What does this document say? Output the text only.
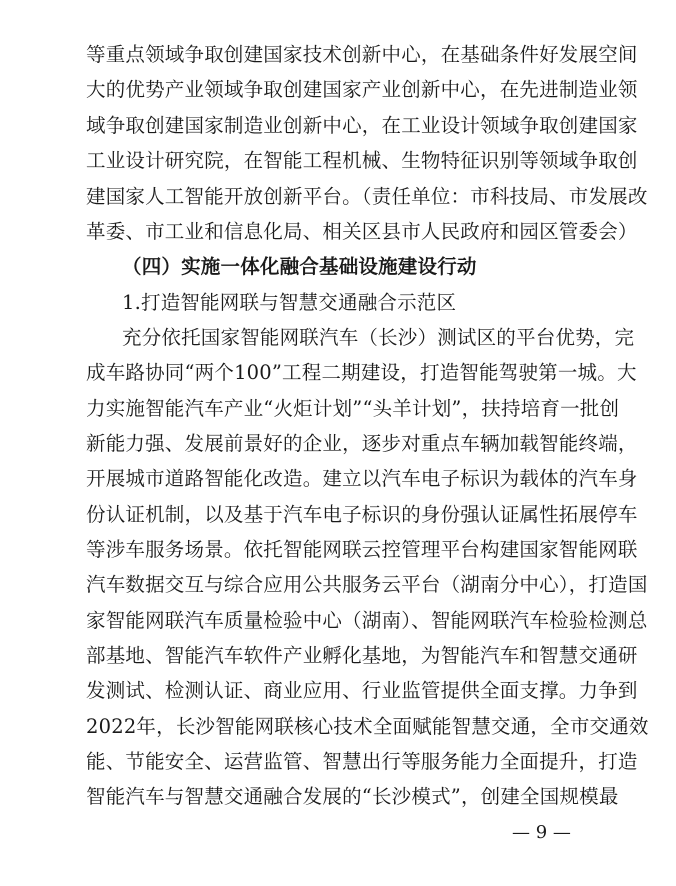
等重点领域争取创建国家技术创新中心，在基础条件好发展空间
大的优势产业领域争取创建国家产业创新中心，在先进制造业领
域争取创建国家制造业创新中心，在工业设计领域争取创建国家
工业设计研究院，在智能工程机械、生物特征识别等领域争取创
建国家人工智能开放创新平台。（责任单位：市科技局、市发展改
革委、市工业和信息化局、相关区县市人民政府和园区管委会）
（四）实施一体化融合基础设施建设行动
1.打造智能网联与智慧交通融合示范区
充分依托国家智能网联汽车（长沙）测试区的平台优势，完
成车路协同“两个100”工程二期建设，打造智能驾驶第一城。大
力实施智能汽车产业“火炬计划”“头羊计划”，扶持培育一批创
新能力强、发展前景好的企业，逐步对重点车辆加载智能终端，
开展城市道路智能化改造。建立以汽车电子标识为载体的汽车身
份认证机制，以及基于汽车电子标识的身份强认证属性拓展停车
等涉车服务场景。依托智能网联云控管理平台构建国家智能网联
汽车数据交互与综合应用公共服务云平台（湖南分中心），打造国
家智能网联汽车质量检验中心（湖南）、智能网联汽车检验检测总
部基地、智能汽车软件产业孵化基地，为智能汽车和智慧交通研
发测试、检测认证、商业应用、行业监管提供全面支撑。力争到
2022年，长沙智能网联核心技术全面赋能智慧交通，全市交通效
能、节能安全、运营监管、智慧出行等服务能力全面提升，打造
智能汽车与智慧交通融合发展的“长沙模式”，创建全国规模最
— 9 —
